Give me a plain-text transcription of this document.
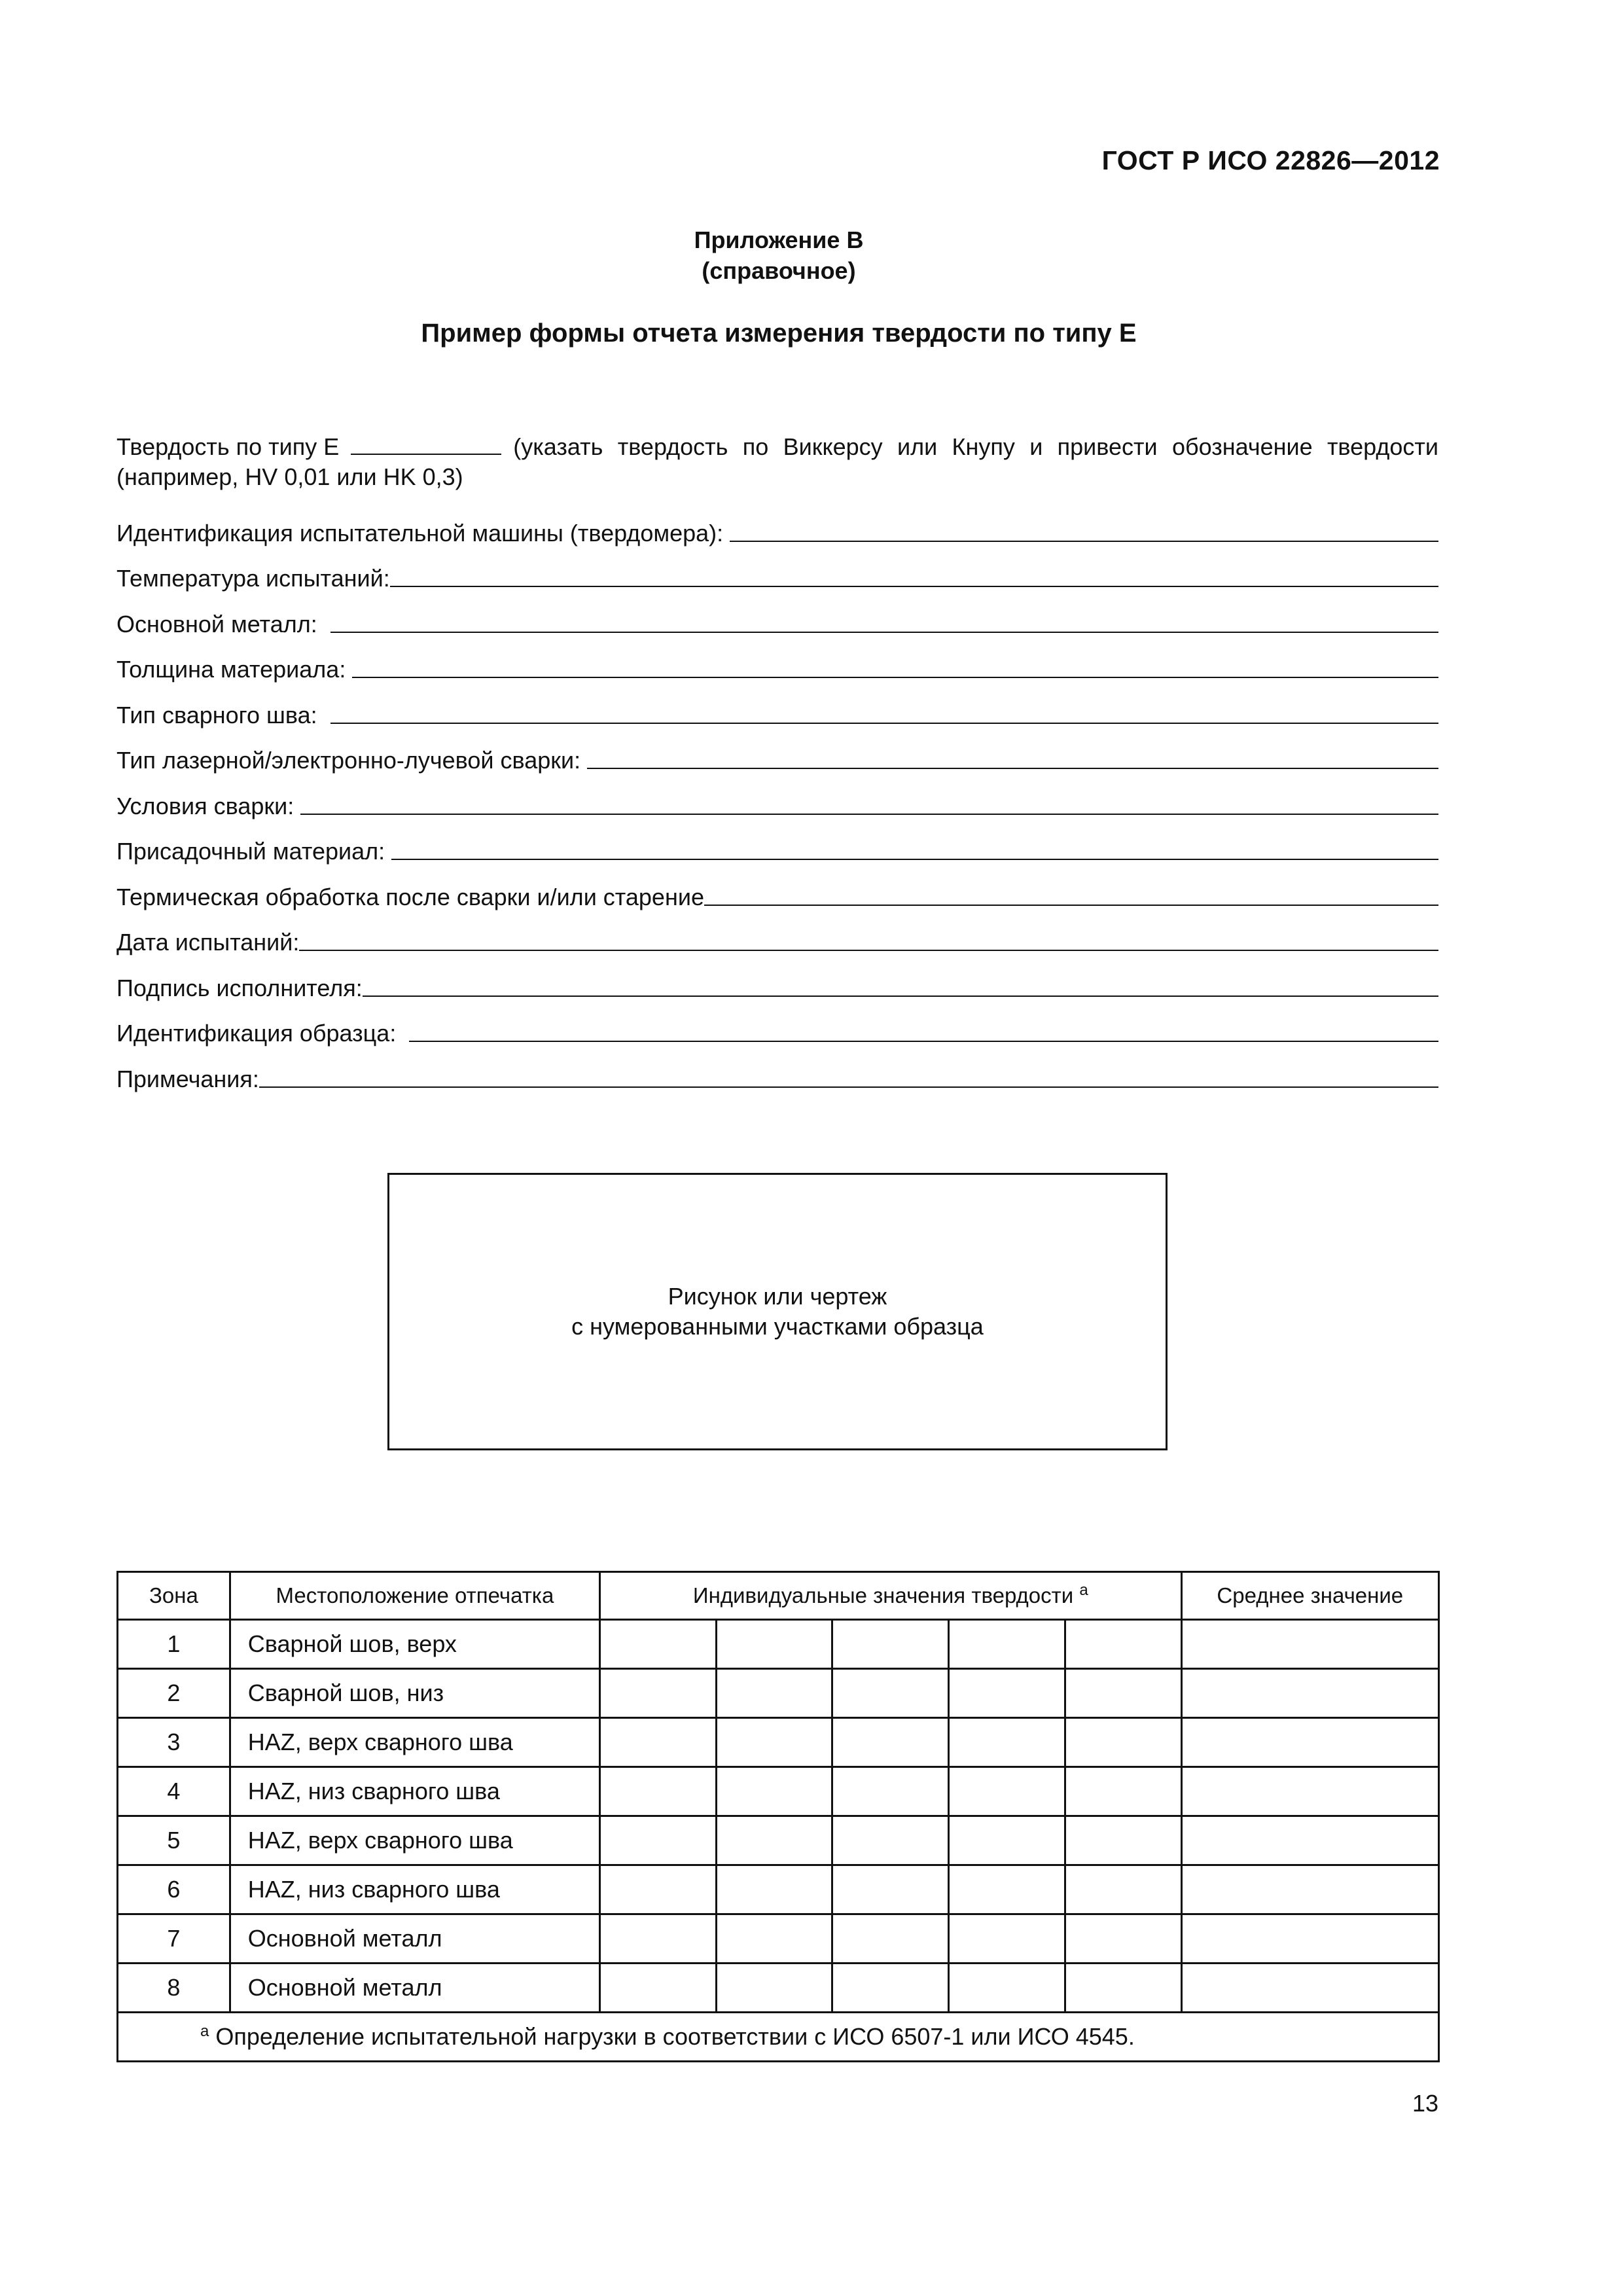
ГОСТ Р ИСО 22826—2012
Приложение В
(справочное)
Пример формы отчета измерения твердости по типу Е
Твердость по типу Е	(указать твердость по Виккерсу или Кнупу и привести обозначение твердости
(например, HV 0,01 или HK 0,3)
Идентификация испытательной машины (твердомера):
Температура испытаний:
Основной металл:
Толщина материала:
Тип сварного шва:
Тип лазерной/электронно-лучевой сварки:
Условия сварки:
Присадочный материал:
Термическая обработка после сварки и/или старение
Дата испытаний:
Подпись исполнителя:
Идентификация образца:
Примечания:
Рисунок или чертеж
с нумерованными участками образца
Зона	Местоположение отпечатка	Индивидуальные значения твердости $^а$					Среднее значение
1	Сварной шов, верх						
2	Сварной шов, низ						
3	HAZ, верх сварного шва						
4	HAZ, низ сварного шва						
5	HAZ, верх сварного шва						
6	HAZ, низ сварного шва						
7	Основной металл						
8	Основной металл						
$^а$ Определение испытательной нагрузки в соответствии с ИСО 6507-1 или ИСО 4545.							
13
